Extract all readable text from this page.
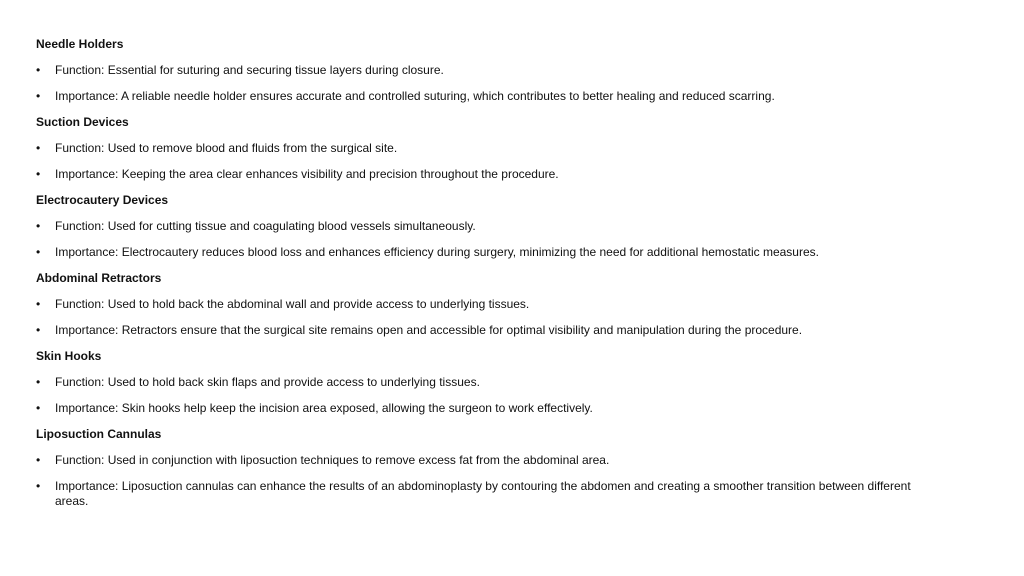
Needle Holders
•	Function: Essential for suturing and securing tissue layers during closure.
•	Importance: A reliable needle holder ensures accurate and controlled suturing, which contributes to better healing and reduced scarring.
Suction Devices
•	Function: Used to remove blood and fluids from the surgical site.
•	Importance: Keeping the area clear enhances visibility and precision throughout the procedure.
Electrocautery Devices
•	Function: Used for cutting tissue and coagulating blood vessels simultaneously.
•	Importance: Electrocautery reduces blood loss and enhances efficiency during surgery, minimizing the need for additional hemostatic measures.
Abdominal Retractors
•	Function: Used to hold back the abdominal wall and provide access to underlying tissues.
•	Importance: Retractors ensure that the surgical site remains open and accessible for optimal visibility and manipulation during the procedure.
Skin Hooks
•	Function: Used to hold back skin flaps and provide access to underlying tissues.
•	Importance: Skin hooks help keep the incision area exposed, allowing the surgeon to work effectively.
Liposuction Cannulas
•	Function: Used in conjunction with liposuction techniques to remove excess fat from the abdominal area.
•	Importance: Liposuction cannulas can enhance the results of an abdominoplasty by contouring the abdomen and creating a smoother transition between different areas.
